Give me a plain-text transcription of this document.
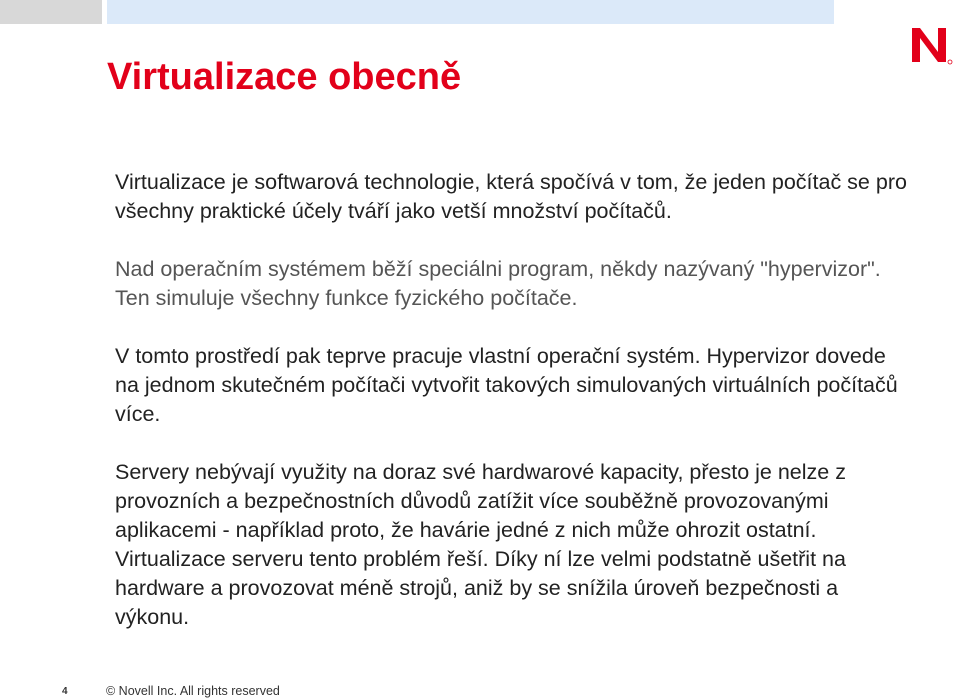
Virtualizace obecně

Virtualizace je softwarová technologie, která spočívá v tom, že jeden počítač se pro všechny praktické účely tváří jako vetší množství počítačů.

Nad operačním systémem běží speciálni program, někdy nazývaný "hypervizor". Ten simuluje všechny funkce fyzického počítače.

V tomto prostředí pak teprve pracuje vlastní operační systém. Hypervizor dovede na jednom skutečném počítači vytvořit takových simulovaných virtuálních počítačů více.

Servery nebývají využity na doraz své hardwarové kapacity, přesto je nelze z provozních a bezpečnostních důvodů zatížit více souběžně provozovanými aplikacemi - například proto, že havárie jedné z nich může ohrozit ostatní. Virtualizace serveru tento problém řeší. Díky ní lze velmi podstatně ušetřit na hardware a provozovat méně strojů, aniž by se snížila úroveň bezpečnosti a výkonu.

4	© Novell Inc. All rights reserved
